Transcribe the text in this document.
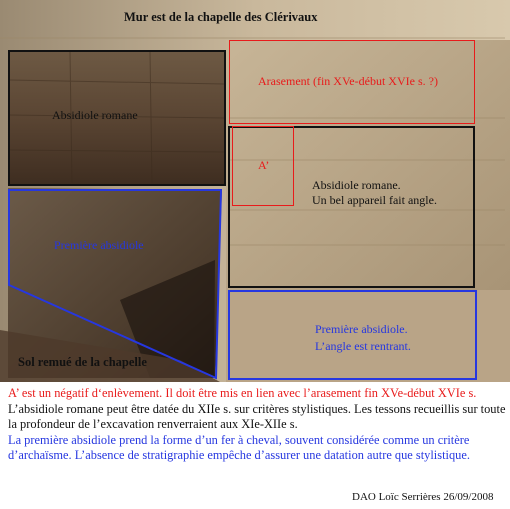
Mur est de la chapelle des Clérivaux
Absidiole romane
Arasement (fin XVe-début XVIe s. ?)
A’
Absidiole romane.
Un bel appareil fait angle.
Première absidiole
Première absidiole.
L’angle est rentrant.
Sol remué de la chapelle

A’ est un négatif d‘enlèvement. Il doit être mis en lien avec l’arasement fin XVe-début XVIe s.

L’absidiole romane peut être datée du XIIe s. sur critères stylistiques. Les tessons recueillis sur toute la profondeur de l’excavation renverraient aux XIe-XIIe s.

La première absidiole prend la forme d’un fer à cheval, souvent considérée comme un critère d’archaïsme. L’absence de stratigraphie empêche d’assurer une datation autre que stylistique.

DAO Loïc Serrières 26/09/2008
